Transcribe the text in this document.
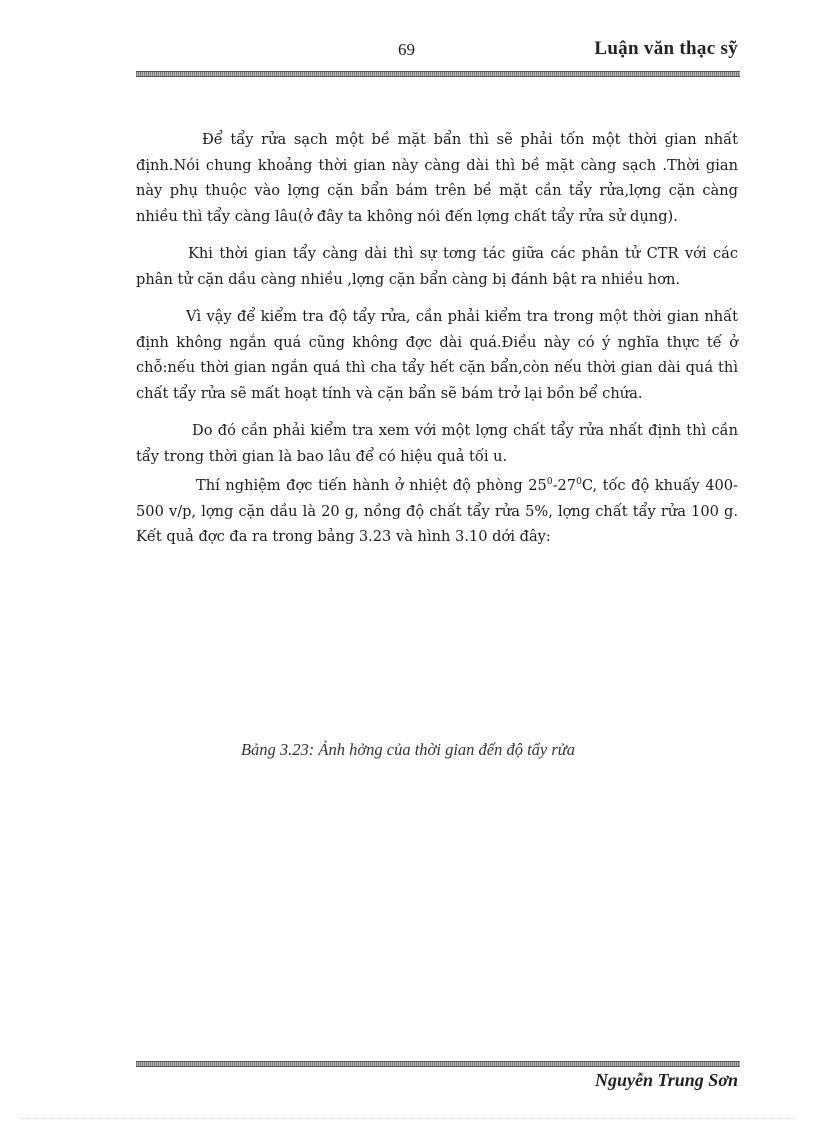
69	Luận văn thạc sỹ

Để tẩy rửa sạch một bề mặt bẩn thì sẽ phải tốn một thời gian nhất định.Nói chung khoảng thời gian này càng dài thì bề mặt càng sạch .Thời gian này phụ thuộc vào lợng cặn bẩn bám trên bề mặt cần tẩy rửa,lợng cặn càng nhiều thì tẩy càng lâu(ở đây ta không nói đến lợng chất tẩy rửa sử dụng).

Khi thời gian tẩy càng dài thì sự tơng tác giữa các phân tử CTR với các phân tử cặn dầu càng nhiều ,lợng cặn bẩn càng bị đánh bật ra nhiều hơn.

Vì vậy để kiểm tra độ tẩy rửa, cần phải kiểm tra trong một thời gian nhất định không ngắn quá cũng không đợc dài quá.Điều này có ý nghĩa thực tế ở chỗ:nếu thời gian ngắn quá thì cha tẩy hết cặn bẩn,còn nếu thời gian dài quá thì chất tẩy rửa sẽ mất hoạt tính và cặn bẩn sẽ bám trở lại bồn bể chứa.

Do đó cần phải kiểm tra xem với một lợng chất tẩy rửa nhất định thì cần tẩy trong thời gian là bao lâu để có hiệu quả tối u.

Thí nghiệm đợc tiến hành ở nhiệt độ phòng $25^0-27^0C$, tốc độ khuấy 400-500 v/p, lợng cặn dầu là 20 g, nồng độ chất tẩy rửa 5%, lợng chất tẩy rửa 100 g. Kết quả đợc đa ra trong bảng 3.23 và hình 3.10 dới đây:

Bảng 3.23: Ảnh hởng của thời gian đến độ tẩy rửa
Nguyễn Trung Sơn
